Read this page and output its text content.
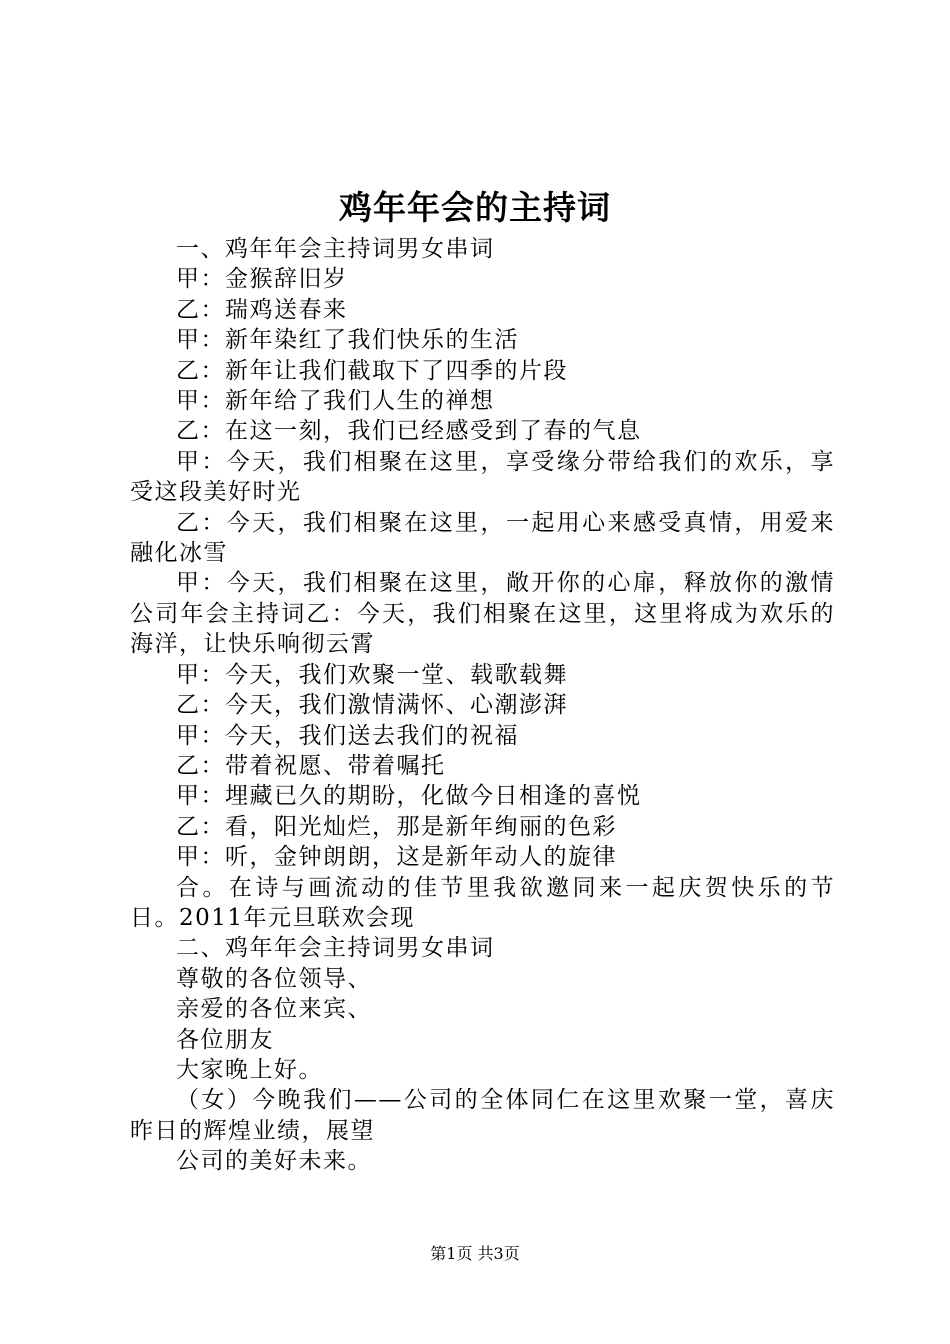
鸡年年会的主持词

一、鸡年年会主持词男女串词

甲：金猴辞旧岁

乙：瑞鸡送春来

甲：新年染红了我们快乐的生活

乙：新年让我们截取下了四季的片段

甲：新年给了我们人生的禅想

乙：在这一刻，我们已经感受到了春的气息

甲：今天，我们相聚在这里，享受缘分带给我们的欢乐，享受这段美好时光

乙：今天，我们相聚在这里，一起用心来感受真情，用爱来融化冰雪

甲：今天，我们相聚在这里，敞开你的心扉，释放你的激情公司年会主持词乙：今天，我们相聚在这里，这里将成为欢乐的海洋，让快乐响彻云霄

甲：今天，我们欢聚一堂、载歌载舞

乙：今天，我们激情满怀、心潮澎湃

甲：今天，我们送去我们的祝福

乙：带着祝愿、带着嘱托

甲：埋藏已久的期盼，化做今日相逢的喜悦

乙：看，阳光灿烂，那是新年绚丽的色彩

甲：听，金钟朗朗，这是新年动人的旋律

合。在诗与画流动的佳节里我欲邀同来一起庆贺快乐的节日。2011年元旦联欢会现

二、鸡年年会主持词男女串词

尊敬的各位领导、

亲爱的各位来宾、

各位朋友

大家晚上好。

（女）今晚我们——公司的全体同仁在这里欢聚一堂，喜庆昨日的辉煌业绩，展望

公司的美好未来。

第1页 共3页
